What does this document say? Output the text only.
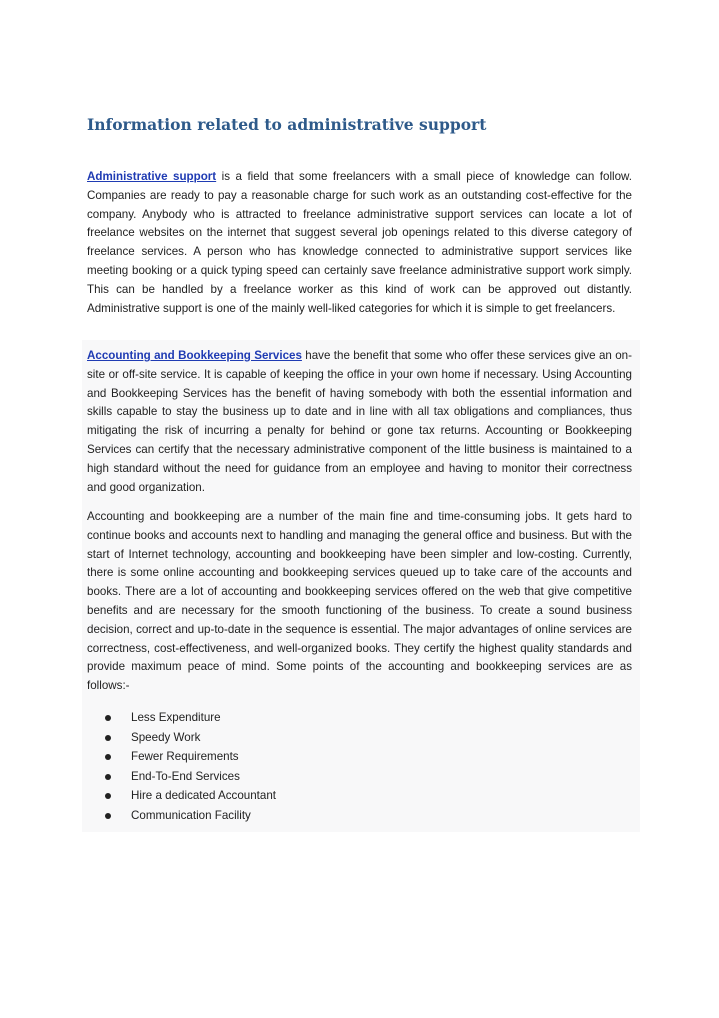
Information related to administrative support

Administrative support is a field that some freelancers with a small piece of knowledge can follow. Companies are ready to pay a reasonable charge for such work as an outstanding cost-effective for the company. Anybody who is attracted to freelance administrative support services can locate a lot of freelance websites on the internet that suggest several job openings related to this diverse category of freelance services. A person who has knowledge connected to administrative support services like meeting booking or a quick typing speed can certainly save freelance administrative support work simply. This can be handled by a freelance worker as this kind of work can be approved out distantly. Administrative support is one of the mainly well-liked categories for which it is simple to get freelancers.

Accounting and Bookkeeping Services have the benefit that some who offer these services give an on-site or off-site service. It is capable of keeping the office in your own home if necessary. Using Accounting and Bookkeeping Services has the benefit of having somebody with both the essential information and skills capable to stay the business up to date and in line with all tax obligations and compliances, thus mitigating the risk of incurring a penalty for behind or gone tax returns. Accounting or Bookkeeping Services can certify that the necessary administrative component of the little business is maintained to a high standard without the need for guidance from an employee and having to monitor their correctness and good organization.

Accounting and bookkeeping are a number of the main fine and time-consuming jobs. It gets hard to continue books and accounts next to handling and managing the general office and business. But with the start of Internet technology, accounting and bookkeeping have been simpler and low-costing. Currently, there is some online accounting and bookkeeping services queued up to take care of the accounts and books. There are a lot of accounting and bookkeeping services offered on the web that give competitive benefits and are necessary for the smooth functioning of the business. To create a sound business decision, correct and up-to-date in the sequence is essential. The major advantages of online services are correctness, cost-effectiveness, and well-organized books. They certify the highest quality standards and provide maximum peace of mind. Some points of the accounting and bookkeeping services are as follows:-

Less Expenditure
Speedy Work
Fewer Requirements
End-To-End Services
Hire a dedicated Accountant
Communication Facility
